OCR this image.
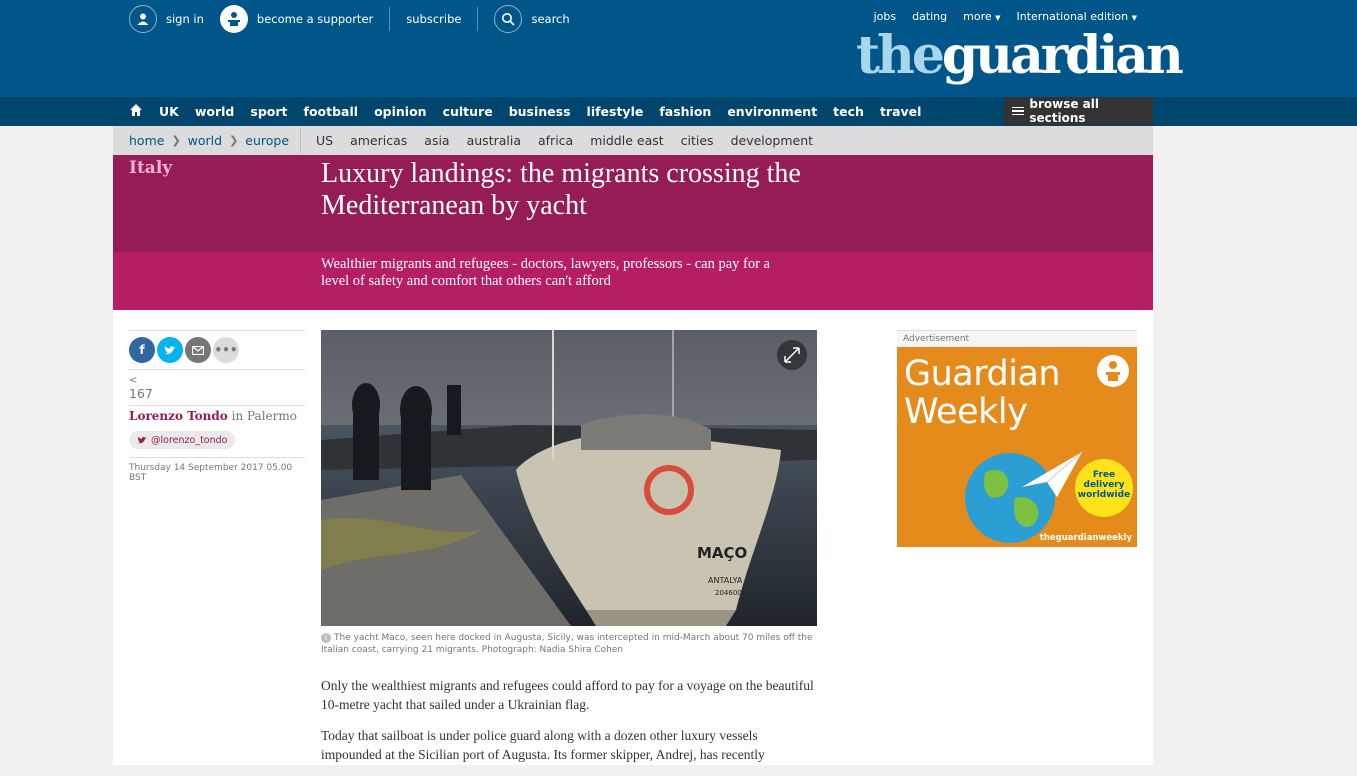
sign in	become a supporter	subscribe	search	jobs dating more ▼ International edition ▼
theguardian
UK world sport football opinion culture business lifestyle fashion environment tech travel	browse all sections
home ❯ world ❯ europe US americas asia australia africa middle east cities development
Italy	Luxury landings: the migrants crossing the Mediterranean by yacht

Wealthier migrants and refugees - doctors, lawyers, professors - can pay for a level of safety and comfort that others can't afford

f	•••
<
167
Lorenzo Tondo in Palermo
@lorenzo_tondo
Thursday 14 September 2017 05.00 BST
MAÇO
ANTALYA
2046008
i The yacht Maco, seen here docked in Augusta, Sicily, was intercepted in mid-March about 70 miles off the Italian coast, carrying 21 migrants. Photograph: Nadia Shira Cohen

Only the wealthiest migrants and refugees could afford to pay for a voyage on the beautiful 10-metre yacht that sailed under a Ukrainian flag.

Today that sailboat is under police guard along with a dozen other luxury vessels impounded at the Sicilian port of Augusta. Its former skipper, Andrej, has recently

Advertisement
Guardian
Weekly
Free
delivery
worldwide
theguardianweekly
